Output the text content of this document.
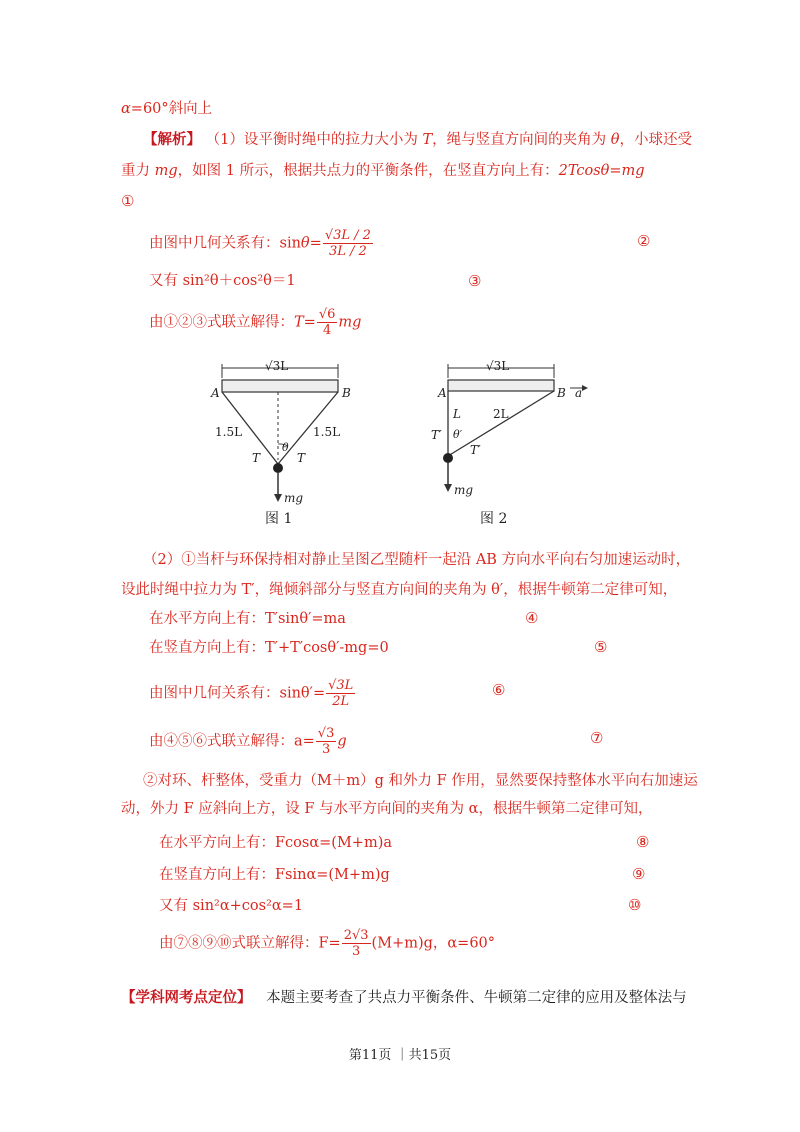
α=60°斜向上
【解析】 （1）设平衡时绳中的拉力大小为 T，绳与竖直方向间的夹角为 θ，小球还受
重力 mg，如图 1 所示，根据共点力的平衡条件，在竖直方向上有：2Tcosθ=mg
①
由图中几何关系有：$\sin\theta= \frac{√3L / 2}{3L / 2}$	②
又有 sin²θ＋cos²θ＝1	③
由①②③式联立解得：$T= \frac{√6}{4}$ mg
√3L
A	B
1.5L	1.5L
θ
T	T
mg
图 1
√3L
A	B a
L	2L
T′ θ′
T′
mg
图 2
（2）①当杆与环保持相对静止呈图乙型随杆一起沿 AB 方向水平向右匀加速运动时，
设此时绳中拉力为 T′，绳倾斜部分与竖直方向间的夹角为 θ′，根据牛顿第二定律可知，
在水平方向上有：T′sinθ′=ma	④
在竖直方向上有：T′+T′cosθ′-mg=0	⑤
由图中几何关系有：$\sin\theta'= \frac{√3L}{2L}$	⑥
由④⑤⑥式联立解得：$a= \frac{√3}{3}$ g	⑦
②对环、杆整体，受重力（M＋m）g 和外力 F 作用，显然要保持整体水平向右加速运
动，外力 F 应斜向上方，设 F 与水平方向间的夹角为 α，根据牛顿第二定律可知，
在水平方向上有：Fcosα=(M+m)a	⑧
在竖直方向上有：Fsinα=(M+m)g	⑨
又有 sin²α+cos²α=1	⑩
由⑦⑧⑨⑩式联立解得：$F= \frac{2√3}{3} (M+m)g$，α=60°
【学科网考点定位】 本题主要考查了共点力平衡条件、牛顿第二定律的应用及整体法与
第11页 ｜共15页
